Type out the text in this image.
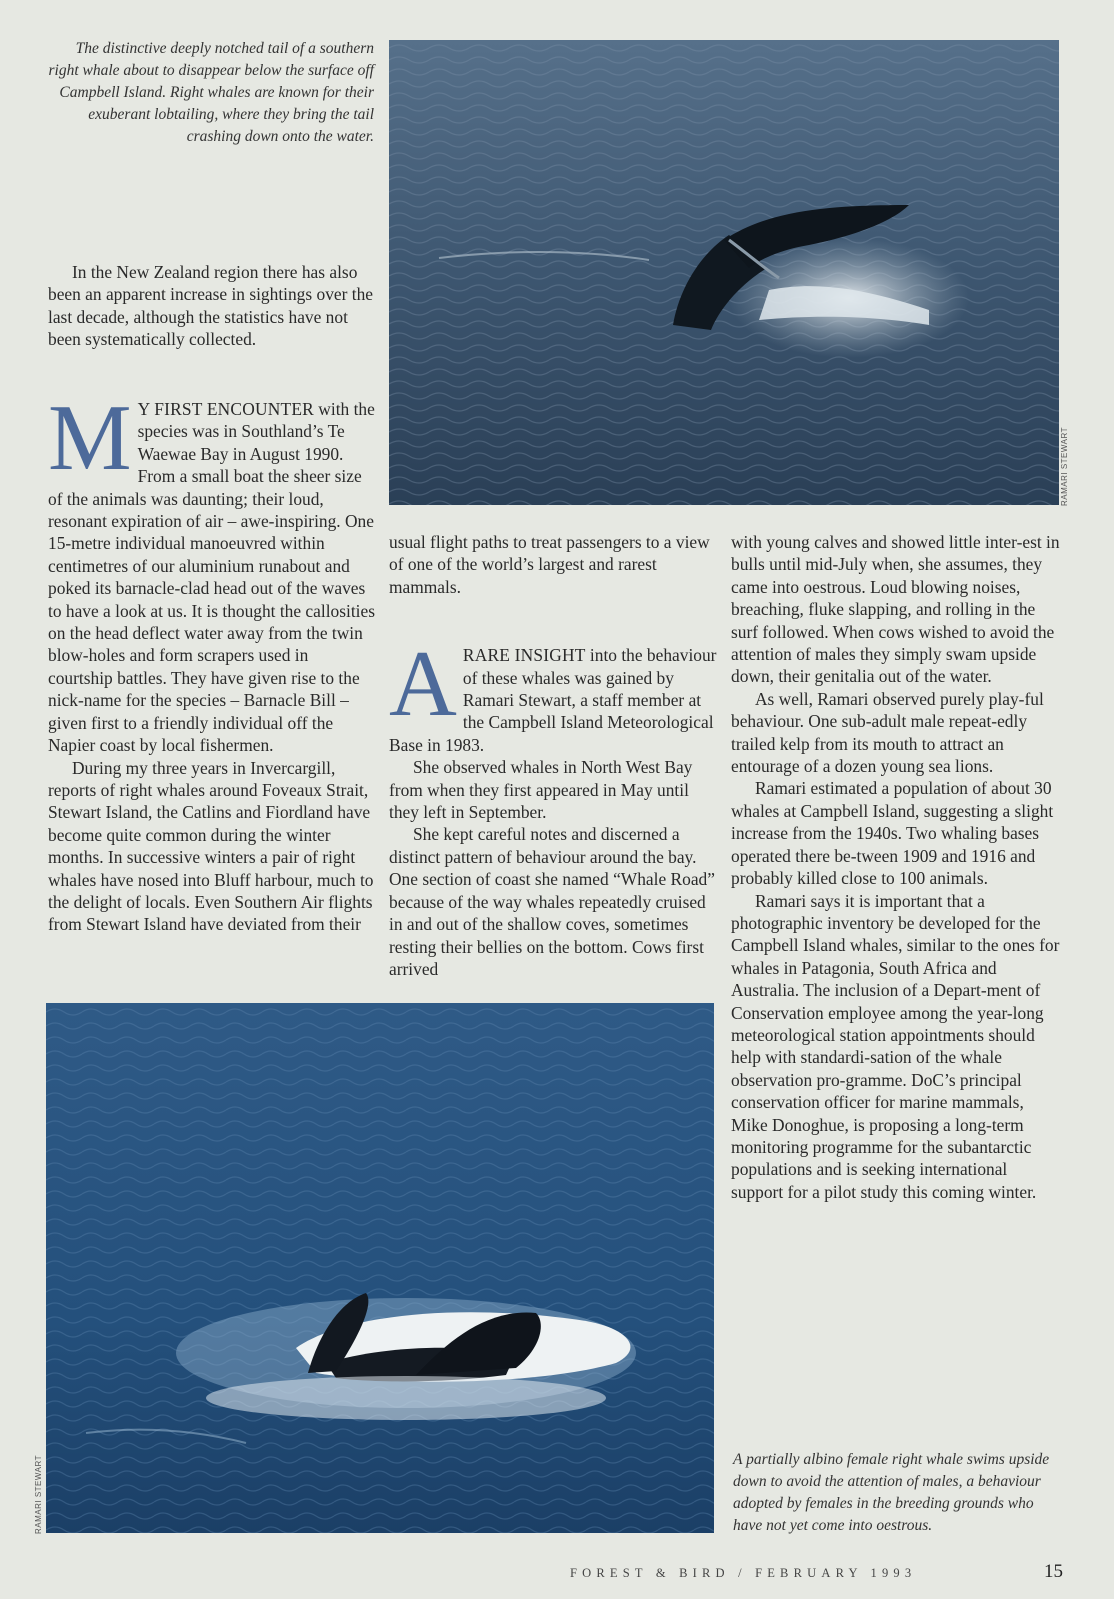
The distinctive deeply notched tail of a southern right whale about to disappear below the surface off Campbell Island. Right whales are known for their exuberant lobtailing, where they bring the tail crashing down onto the water.
RAMARI STEWART
In the New Zealand region there has also been an apparent increase in sightings over the last decade, although the statistics have not been systematically collected.

M Y FIRST ENCOUNTER with the species was in Southland’s Te Waewae Bay in August 1990. From a small boat the sheer size of the animals was daunting; their loud, resonant expiration of air – awe-inspiring. One 15-metre individual manoeuvred within centimetres of our aluminium runabout and poked its barnacle-clad head out of the waves to have a look at us. It is thought the callosities on the head deflect water away from the twin blow-holes and form scrapers used in courtship battles. They have given rise to the nick-name for the species – Barnacle Bill – given first to a friendly individual off the Napier coast by local fishermen.

During my three years in Invercargill, reports of right whales around Foveaux Strait, Stewart Island, the Catlins and Fiordland have become quite common during the winter months. In successive winters a pair of right whales have nosed into Bluff harbour, much to the delight of locals. Even Southern Air flights from Stewart Island have deviated from their

usual flight paths to treat passengers to a view of one of the world’s largest and rarest mammals.

A RARE INSIGHT into the behaviour of these whales was gained by Ramari Stewart, a staff member at the Campbell Island Meteorological Base in 1983.

She observed whales in North West Bay from when they first appeared in May until they left in September.

She kept careful notes and discerned a distinct pattern of behaviour around the bay. One section of coast she named “Whale Road” because of the way whales repeatedly cruised in and out of the shallow coves, sometimes resting their bellies on the bottom. Cows first arrived

with young calves and showed little inter-est in bulls until mid-July when, she assumes, they came into oestrous. Loud blowing noises, breaching, fluke slapping, and rolling in the surf followed. When cows wished to avoid the attention of males they simply swam upside down, their genitalia out of the water.

As well, Ramari observed purely play-ful behaviour. One sub-adult male repeat-edly trailed kelp from its mouth to attract an entourage of a dozen young sea lions.

Ramari estimated a population of about 30 whales at Campbell Island, suggesting a slight increase from the 1940s. Two whaling bases operated there be-tween 1909 and 1916 and probably killed close to 100 animals.

Ramari says it is important that a photographic inventory be developed for the Campbell Island whales, similar to the ones for whales in Patagonia, South Africa and Australia. The inclusion of a Depart-ment of Conservation employee among the year-long meteorological station appointments should help with standardi-sation of the whale observation pro-gramme. DoC’s principal conservation officer for marine mammals, Mike Donoghue, is proposing a long-term monitoring programme for the subantarctic populations and is seeking international support for a pilot study this coming winter.

RAMARI STEWART	A partially albino female right whale swims upside down to avoid the attention of males, a behaviour adopted by females in the breeding grounds who have not yet come into oestrous.
FOREST & BIRD / FEBRUARY 1993	15
